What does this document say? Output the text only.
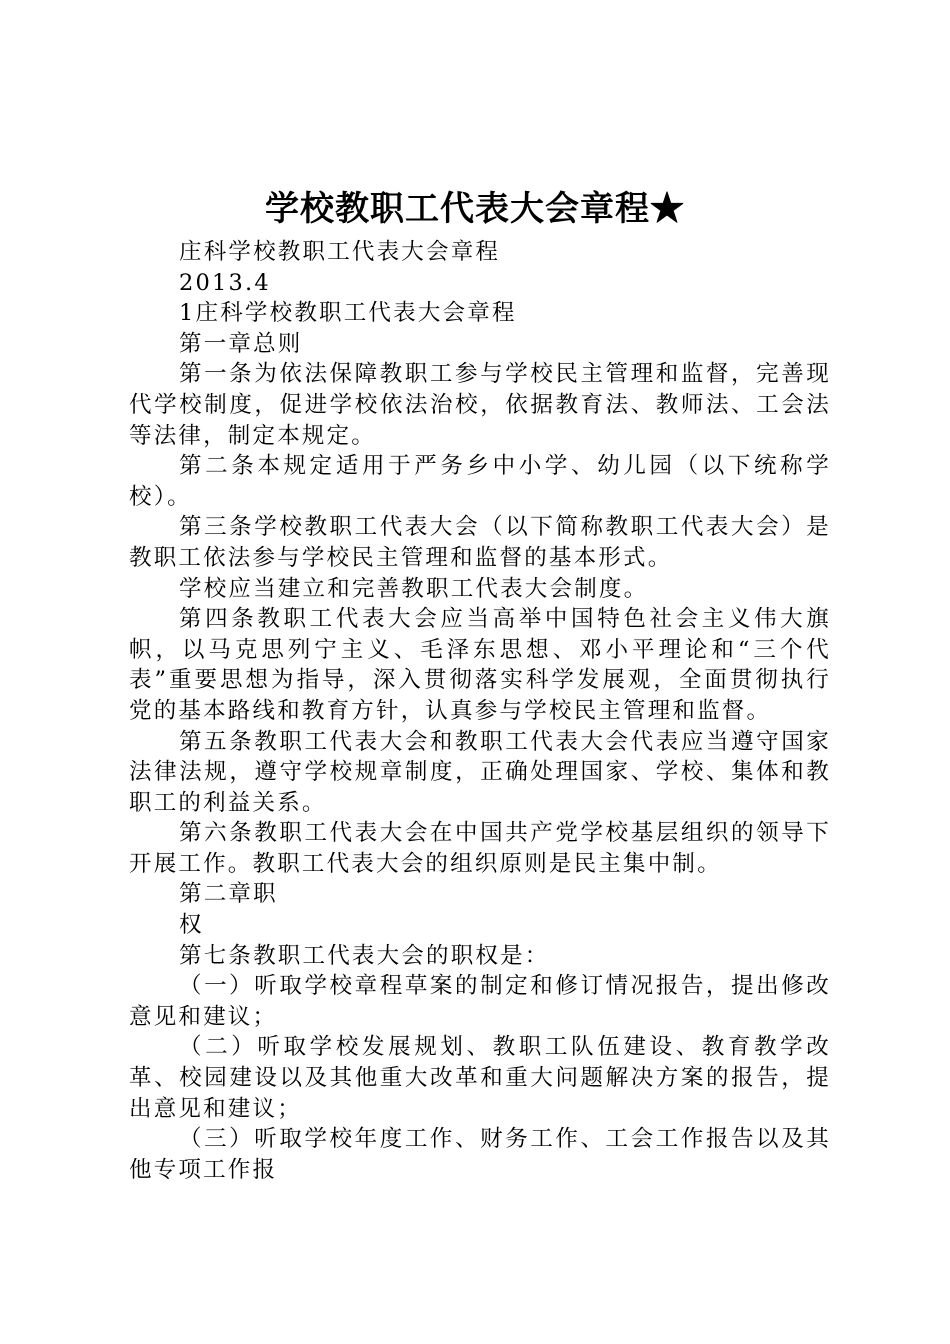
学校教职工代表大会章程★

庄科学校教职工代表大会章程

2013.4

1庄科学校教职工代表大会章程

第一章总则

第一条为依法保障教职工参与学校民主管理和监督，完善现代学校制度，促进学校依法治校，依据教育法、教师法、工会法等法律，制定本规定。

第二条本规定适用于严务乡中小学、幼儿园（以下统称学校）。

第三条学校教职工代表大会（以下简称教职工代表大会）是教职工依法参与学校民主管理和监督的基本形式。

学校应当建立和完善教职工代表大会制度。

第四条教职工代表大会应当高举中国特色社会主义伟大旗帜，以马克思列宁主义、毛泽东思想、邓小平理论和“三个代表”重要思想为指导，深入贯彻落实科学发展观，全面贯彻执行党的基本路线和教育方针，认真参与学校民主管理和监督。

第五条教职工代表大会和教职工代表大会代表应当遵守国家法律法规，遵守学校规章制度，正确处理国家、学校、集体和教职工的利益关系。

第六条教职工代表大会在中国共产党学校基层组织的领导下开展工作。教职工代表大会的组织原则是民主集中制。

第二章职

权

第七条教职工代表大会的职权是：

（一）听取学校章程草案的制定和修订情况报告，提出修改意见和建议；

（二）听取学校发展规划、教职工队伍建设、教育教学改革、校园建设以及其他重大改革和重大问题解决方案的报告，提出意见和建议；

（三）听取学校年度工作、财务工作、工会工作报告以及其他专项工作报
